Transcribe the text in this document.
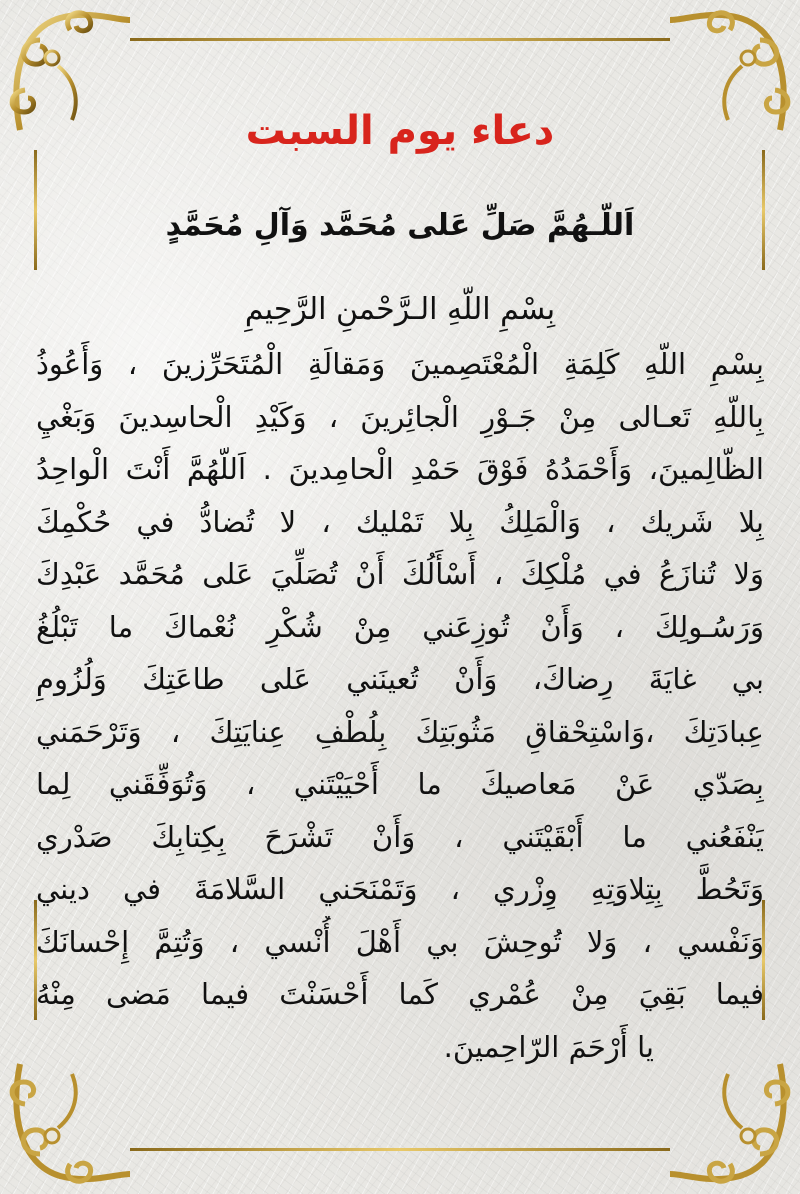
دعاء يوم السبت
اَللّـهُمَّ صَلِّ عَلى مُحَمَّد وَآلِ مُحَمَّدٍ
بِسْمِ اللّهِ الـرَّحْمنِ الرَّحِيمِ
بِسْمِ اللّهِ كَلِمَةِ الْمُعْتَصِمينَ وَمَقالَةِ الْمُتَحَرِّزينَ ، وَأَعُوذُ
بِاللّهِ تَعـالى مِنْ جَـوْرِ الْجائِرينَ ، وَكَيْدِ الْحاسِدينَ وَبَغْيِ
الظّالِمينَ، وَأَحْمَدُهُ فَوْقَ حَمْدِ الْحامِدينَ . اَللّهُمَّ أَنْتَ الْواحِدُ
بِلا شَريك ، وَالْمَلِكُ بِلا تَمْليك ، لا تُضادُّ في حُكْمِكَ
وَلا تُنازَعُ في مُلْكِكَ ، أَسْأَلُكَ أَنْ تُصَلِّيَ عَلى مُحَمَّد عَبْدِكَ
وَرَسُـولِكَ ، وَأَنْ تُوزِعَني مِنْ شُكْرِ نُعْماكَ ما تَبْلُغُ
بي غايَةَ رِضاكَ، وَأَنْ تُعينَني عَلى طاعَتِكَ وَلُزُومِ
عِبادَتِكَ ،وَاسْتِحْقاقِ مَثُوبَتِكَ بِلُطْفِ عِنايَتِكَ ، وَتَرْحَمَني
بِصَدّي عَنْ مَعاصيكَ ما أَحْيَيْتَني ، وَتُوَفِّقَني لِما
يَنْفَعُني ما أَبْقَيْتَني ، وَأَنْ تَشْرَحَ بِكِتابِكَ صَدْري
وَتَحُطَّ بِتِلاوَتِهِ وِزْري ، وَتَمْنَحَني السَّلامَةَ في ديني
وَنَفْسي ، وَلا تُوحِشَ بي أَهْلَ أُنْسي ، وَتُتِمَّ إِحْسانَكَ
فيما بَقِيَ مِنْ عُمْري كَما أَحْسَنْتَ فيما مَضى مِنْهُ
يا أَرْحَمَ الرّاحِمينَ.
